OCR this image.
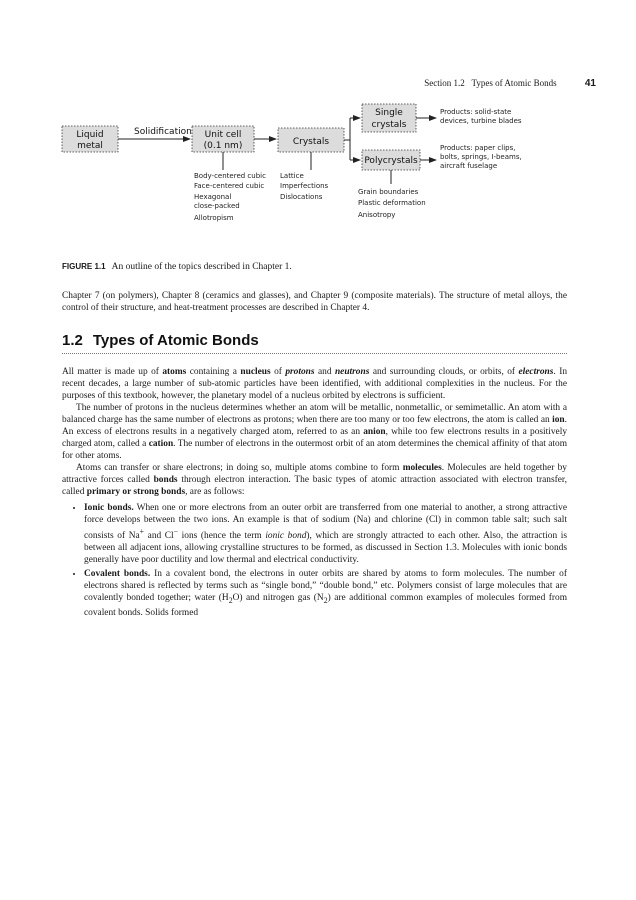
Section 1.2 Types of Atomic Bonds	41
Liquid
metal
Solidification Unit cell
(0.1 nm)	Crystals
Single
crystals
Products: solid-state
devices, turbine blades
Polycrystals
Products: paper clips,
bolts, springs, I-beams,
aircraft fuselage
Body-centered cubic
Face-centered cubic
Hexagonal
close-packed
Allotropism
Lattice
Imperfections
Dislocations
Grain boundaries
Plastic deformation
Anisotropy
FIGURE 1.1 An outline of the topics described in Chapter 1.

Chapter 7 (on polymers), Chapter 8 (ceramics and glasses), and Chapter 9 (composite materials). The structure of metal alloys, the control of their structure, and heat-treatment processes are described in Chapter 4.

1.2 Types of Atomic Bonds

All matter is made up of atoms containing a nucleus of protons and neutrons and surrounding clouds, or orbits, of electrons. In recent decades, a large number of sub-atomic particles have been identified, with additional complexities in the nucleus. For the purposes of this textbook, however, the planetary model of a nucleus orbited by electrons is sufficient.

The number of protons in the nucleus determines whether an atom will be metallic, nonmetallic, or semimetallic. An atom with a balanced charge has the same number of electrons as protons; when there are too many or too few electrons, the atom is called an ion. An excess of electrons results in a negatively charged atom, referred to as an anion, while too few electrons results in a positively charged atom, called a cation. The number of electrons in the outermost orbit of an atom determines the chemical affinity of that atom for other atoms.

Atoms can transfer or share electrons; in doing so, multiple atoms combine to form molecules. Molecules are held together by attractive forces called bonds through electron interaction. The basic types of atomic attraction associated with electron transfer, called primary or strong bonds, are as follows:

• Ionic bonds. When one or more electrons from an outer orbit are transferred from one material to another, a strong attractive force develops between the two ions. An example is that of sodium (Na) and chlorine (Cl) in common table salt; such salt consists of Na+ and Cl− ions (hence the term ionic bond), which are strongly attracted to each other. Also, the attraction is between all adjacent ions, allowing crystalline structures to be formed, as discussed in Section 1.3. Molecules with ionic bonds generally have poor ductility and low thermal and electrical conductivity.
• Covalent bonds. In a covalent bond, the electrons in outer orbits are shared by atoms to form molecules. The number of electrons shared is reflected by terms such as “single bond,” “double bond,” etc. Polymers consist of large molecules that are covalently bonded together; water $(H_2O)$ and nitrogen gas $(N_2)$ are additional common examples of molecules formed from covalent bonds. Solids formed
